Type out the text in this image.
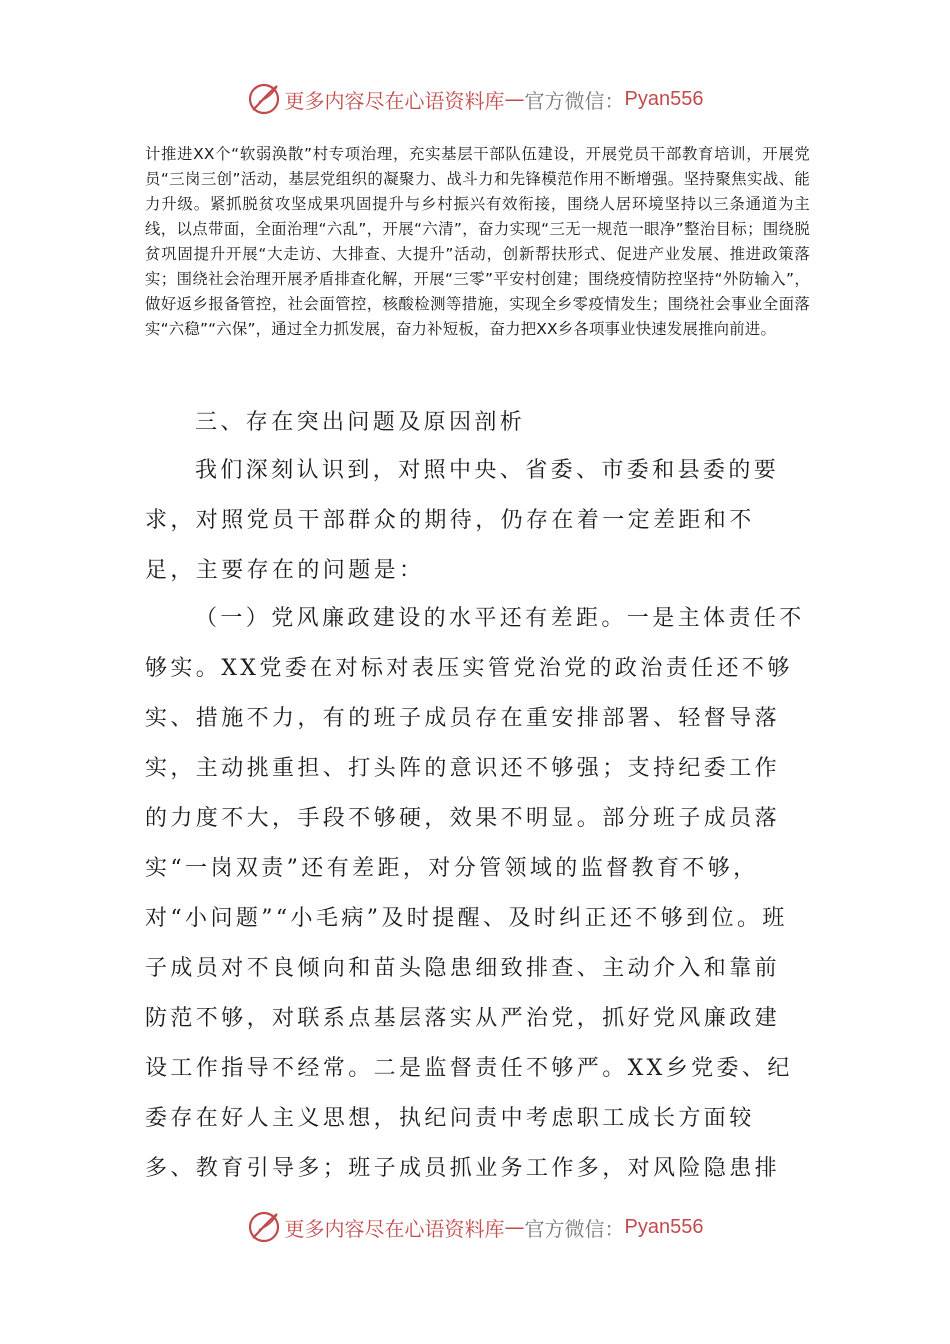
更多内容尽在心语资料库 — 官方微信： Pyan556
计推进XX个“软弱涣散”村专项治理，充实基层干部队伍建设，开展党员干部教育培训，开展党员“三岗三创”活动，基层党组织的凝聚力、战斗力和先锋模范作用不断增强。坚持聚焦实战、能力升级。紧抓脱贫攻坚成果巩固提升与乡村振兴有效衔接，围绕人居环境坚持以三条通道为主线，以点带面，全面治理“六乱”，开展“六清”，奋力实现“三无一规范一眼净”整治目标；围绕脱贫巩固提升开展“大走访、大排查、大提升”活动，创新帮扶形式、促进产业发展、推进政策落实；围绕社会治理开展矛盾排查化解，开展“三零”平安村创建；围绕疫情防控坚持“外防输入”，做好返乡报备管控，社会面管控，核酸检测等措施，实现全乡零疫情发生；围绕社会事业全面落实“六稳”“六保”，通过全力抓发展，奋力补短板，奋力把XX乡各项事业快速发展推向前进。
三、存在突出问题及原因剖析
我们深刻认识到，对照中央、省委、市委和县委的要求，对照党员干部群众的期待，仍存在着一定差距和不足，主要存在的问题是：
（一）党风廉政建设的水平还有差距。一是主体责任不够实。XX党委在对标对表压实管党治党的政治责任还不够实、措施不力，有的班子成员存在重安排部署、轻督导落实，主动挑重担、打头阵的意识还不够强；支持纪委工作的力度不大，手段不够硬，效果不明显。部分班子成员落实“一岗双责”还有差距，对分管领域的监督教育不够，对“小问题”“小毛病”及时提醒、及时纠正还不够到位。班子成员对不良倾向和苗头隐患细致排查、主动介入和靠前防范不够，对联系点基层落实从严治党，抓好党风廉政建设工作指导不经常。二是监督责任不够严。XX乡党委、纪委存在好人主义思想，执纪问责中考虑职工成长方面较多、教育引导多；班子成员抓业务工作多，对风险隐患排
更多内容尽在心语资料库 — 官方微信： Pyan556
